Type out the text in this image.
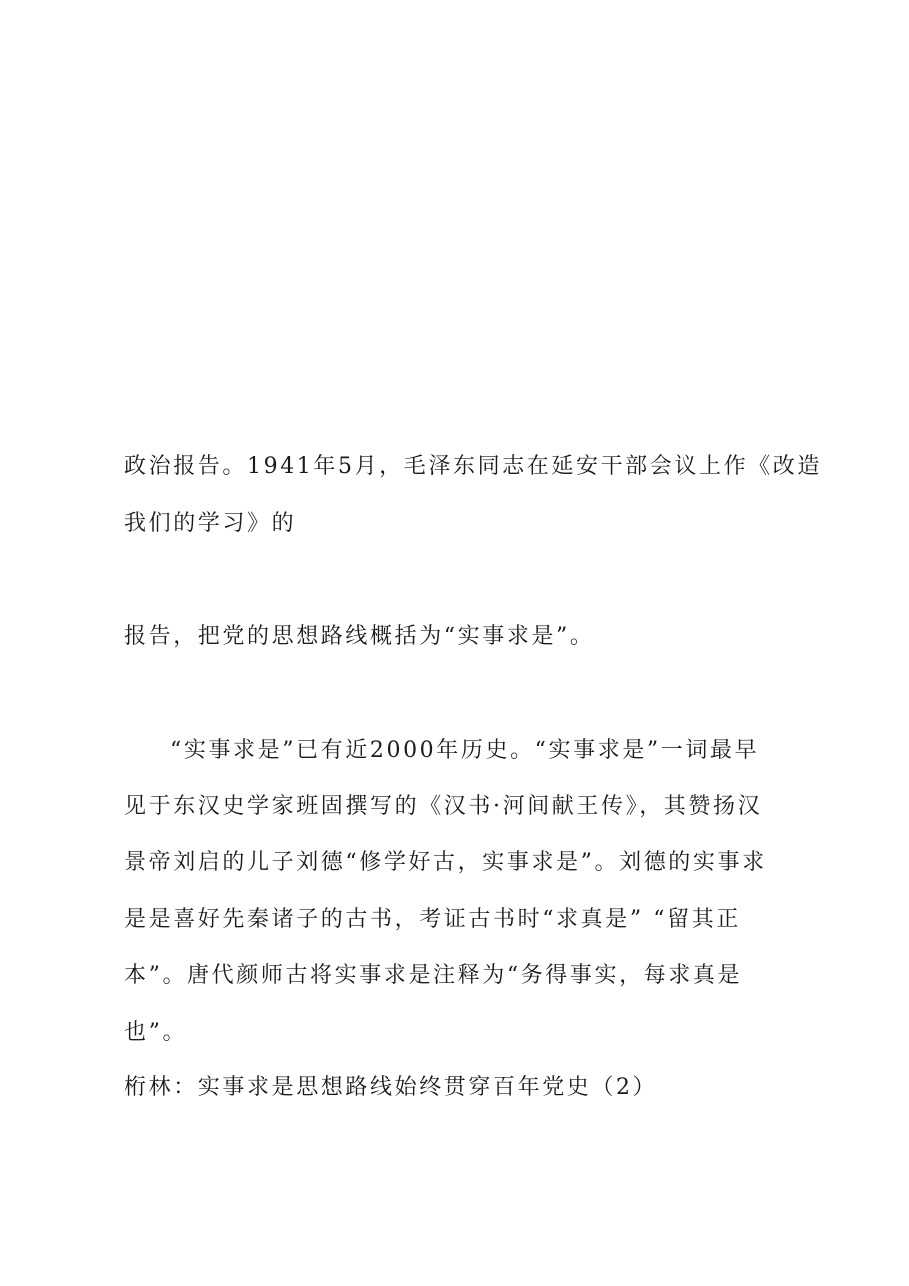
政治报告。1941年5月，毛泽东同志在延安干部会议上作《改造

我们的学习》的

报告，把党的思想路线概括为“实事求是”。

“实事求是”已有近2000年历史。“实事求是”一词最早

见于东汉史学家班固撰写的《汉书·河间献王传》，其赞扬汉

景帝刘启的儿子刘德“修学好古，实事求是”。刘德的实事求

是是喜好先秦诸子的古书，考证古书时“求真是” “留其正

本”。唐代颜师古将实事求是注释为“务得事实，每求真是

也”。

桁林：实事求是思想路线始终贯穿百年党史（2）
